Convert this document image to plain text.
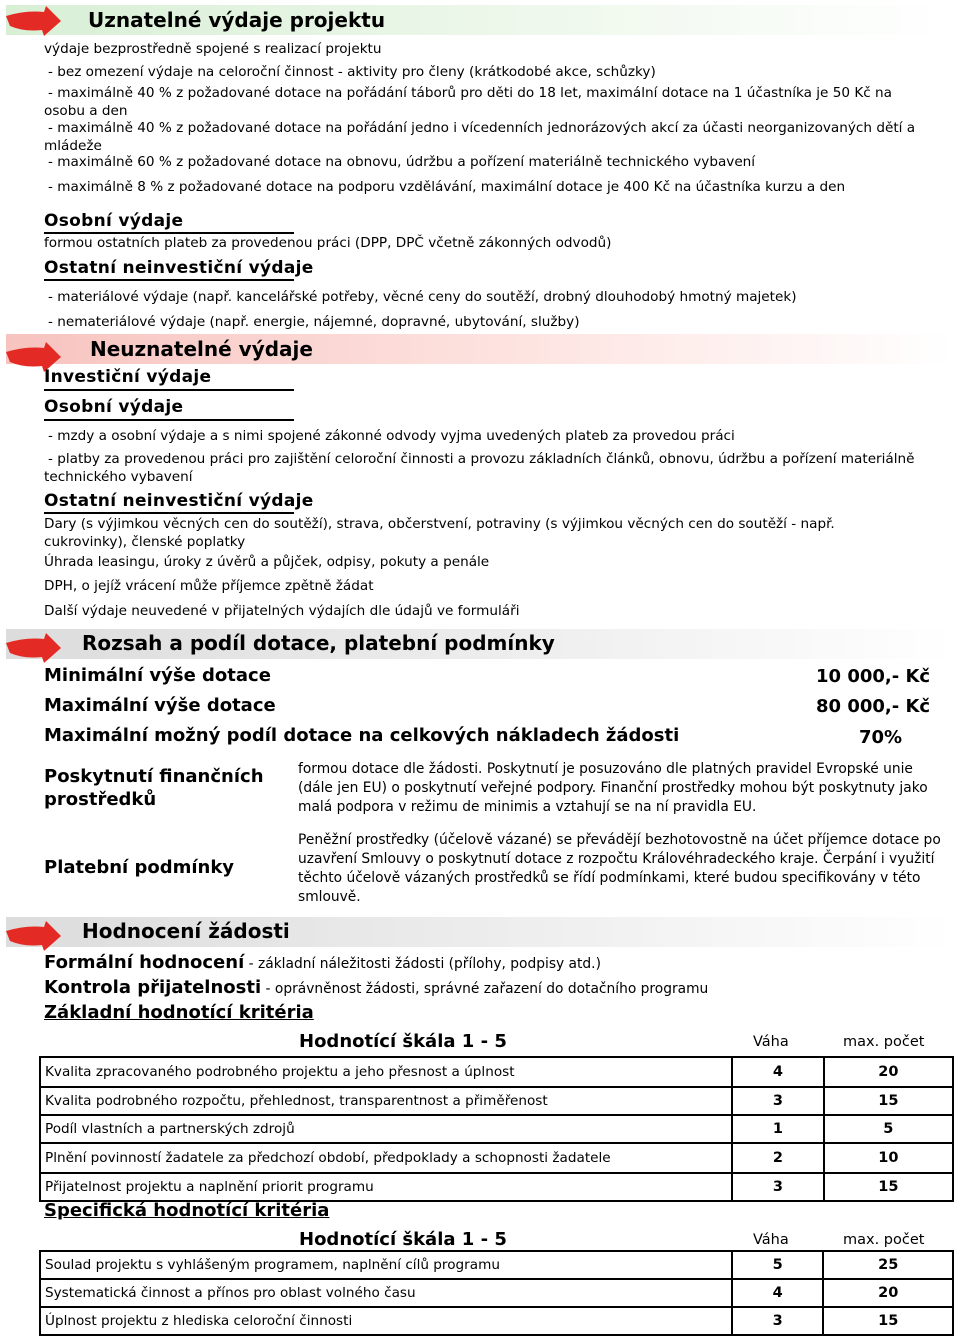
Uznatelné výdaje projektu
výdaje bezprostředně spojené s realizací projektu
- bez omezení výdaje na celoroční činnost - aktivity pro členy (krátkodobé akce, schůzky)
- maximálně 40 % z požadované dotace na pořádání táborů pro děti do 18 let, maximální dotace na 1 účastníka je 50 Kč na osobu a den
- maximálně 40 % z požadované dotace na pořádání jedno i vícedenních jednorázových akcí za účasti neorganizovaných dětí a mládeže
- maximálně 60 % z požadované dotace na obnovu, údržbu a pořízení materiálně technického vybavení
- maximálně 8 % z požadované dotace na podporu vzdělávání, maximální dotace je 400 Kč na účastníka kurzu a den
Osobní výdaje
formou ostatních plateb za provedenou práci (DPP, DPČ včetně zákonných odvodů)
Ostatní neinvestiční výdaje
- materiálové výdaje (např. kancelářské potřeby, věcné ceny do soutěží, drobný dlouhodobý hmotný majetek)
- nemateriálové výdaje (např. energie, nájemné, dopravné, ubytování, služby)
Neuznatelné výdaje
Investiční výdaje
Osobní výdaje
- mzdy a osobní výdaje a s nimi spojené zákonné odvody vyjma uvedených plateb za provedou práci
- platby za provedenou práci pro zajištění celoroční činnosti a provozu základních článků, obnovu, údržbu a pořízení materiálně technického vybavení
Ostatní neinvestiční výdaje
Dary (s výjimkou věcných cen do soutěží), strava, občerstvení, potraviny (s výjimkou věcných cen do soutěží - např. cukrovinky), členské poplatky
Úhrada leasingu, úroky z úvěrů a půjček, odpisy, pokuty a penále
DPH, o jejíž vrácení může příjemce zpětně žádat
Další výdaje neuvedené v přijatelných výdajích dle údajů ve formuláři
Rozsah a podíl dotace, platební podmínky
Minimální výše dotace	10 000,- Kč
Maximální výše dotace	80 000,- Kč
Maximální možný podíl dotace na celkových nákladech žádosti	70%
Poskytnutí finančních prostředků
formou dotace dle žádosti. Poskytnutí je posuzováno dle platných pravidel Evropské unie (dále jen EU) o poskytnutí veřejné podpory. Finanční prostředky mohou být poskytnuty jako malá podpora v režimu de minimis a vztahují se na ní pravidla EU.
Platební podmínky
Peněžní prostředky (účelově vázané) se převádějí bezhotovostně na účet příjemce dotace po uzavření Smlouvy o poskytnutí dotace z rozpočtu Královéhradeckého kraje. Čerpání i využití těchto účelově vázaných prostředků se řídí podmínkami, které budou specifikovány v této smlouvě.
Hodnocení žádosti
Formální hodnocení - základní náležitosti žádosti (přílohy, podpisy atd.)
Kontrola přijatelnosti - oprávněnost žádosti, správné zařazení do dotačního programu
Základní hodnotící kritéria
Hodnotící škála 1 - 5	Váha	max. počet
Kvalita zpracovaného podrobného projektu a jeho přesnost a úplnost	4	20
Kvalita podrobného rozpočtu, přehlednost, transparentnost a přiměřenost	3	15
Podíl vlastních a partnerských zdrojů	1	5
Plnění povinností žadatele za předchozí období, předpoklady a schopnosti žadatele	2	10
Přijatelnost projektu a naplnění priorit programu	3	15
Specifická hodnotící kritéria
Hodnotící škála 1 - 5	Váha	max. počet
Soulad projektu s vyhlášeným programem, naplnění cílů programu	5	25
Systematická činnost a přínos pro oblast volného času	4	20
Úplnost projektu z hlediska celoroční činnosti	3	15
